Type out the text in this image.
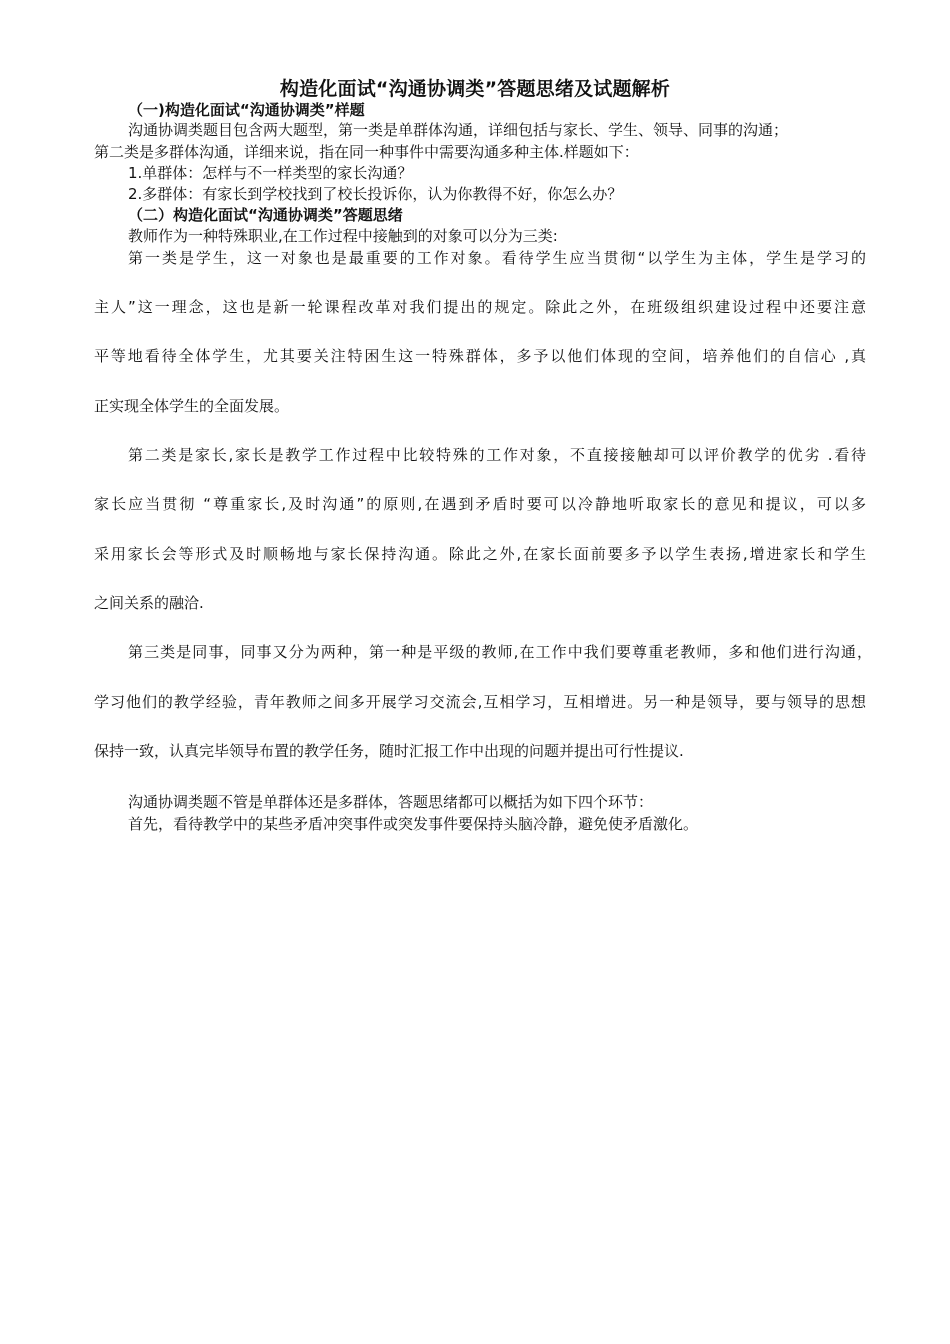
构造化面试“沟通协调类”答题思绪及试题解析
（一)构造化面试“沟通协调类”样题
沟通协调类题目包含两大题型，第一类是单群体沟通，详细包括与家长、学生、领导、同事的沟通；
第二类是多群体沟通，详细来说，指在同一种事件中需要沟通多种主体.样题如下：
1.单群体：怎样与不一样类型的家长沟通？
2.多群体：有家长到学校找到了校长投诉你，认为你教得不好，你怎么办？
（二）构造化面试“沟通协调类”答题思绪
教师作为一种特殊职业,在工作过程中接触到的对象可以分为三类:
第一类是学生，这一对象也是最重要的工作对象。看待学生应当贯彻“以学生为主体，学生是学习的
主人”这一理念，这也是新一轮课程改革对我们提出的规定。除此之外，在班级组织建设过程中还要注意
平等地看待全体学生，尤其要关注特困生这一特殊群体，多予以他们体现的空间，培养他们的自信心 ,真
正实现全体学生的全面发展。
第二类是家长,家长是教学工作过程中比较特殊的工作对象，不直接接触却可以评价教学的优劣 .看待
家长应当贯彻 “尊重家长,及时沟通”的原则,在遇到矛盾时要可以冷静地听取家长的意见和提议，可以多
采用家长会等形式及时顺畅地与家长保持沟通。除此之外,在家长面前要多予以学生表扬,增进家长和学生
之间关系的融洽.
第三类是同事，同事又分为两种，第一种是平级的教师,在工作中我们要尊重老教师，多和他们进行沟通，
学习他们的教学经验，青年教师之间多开展学习交流会,互相学习，互相增进。另一种是领导，要与领导的思想
保持一致，认真完毕领导布置的教学任务，随时汇报工作中出现的问题并提出可行性提议.
沟通协调类题不管是单群体还是多群体，答题思绪都可以概括为如下四个环节：
首先，看待教学中的某些矛盾冲突事件或突发事件要保持头脑冷静，避免使矛盾激化。
